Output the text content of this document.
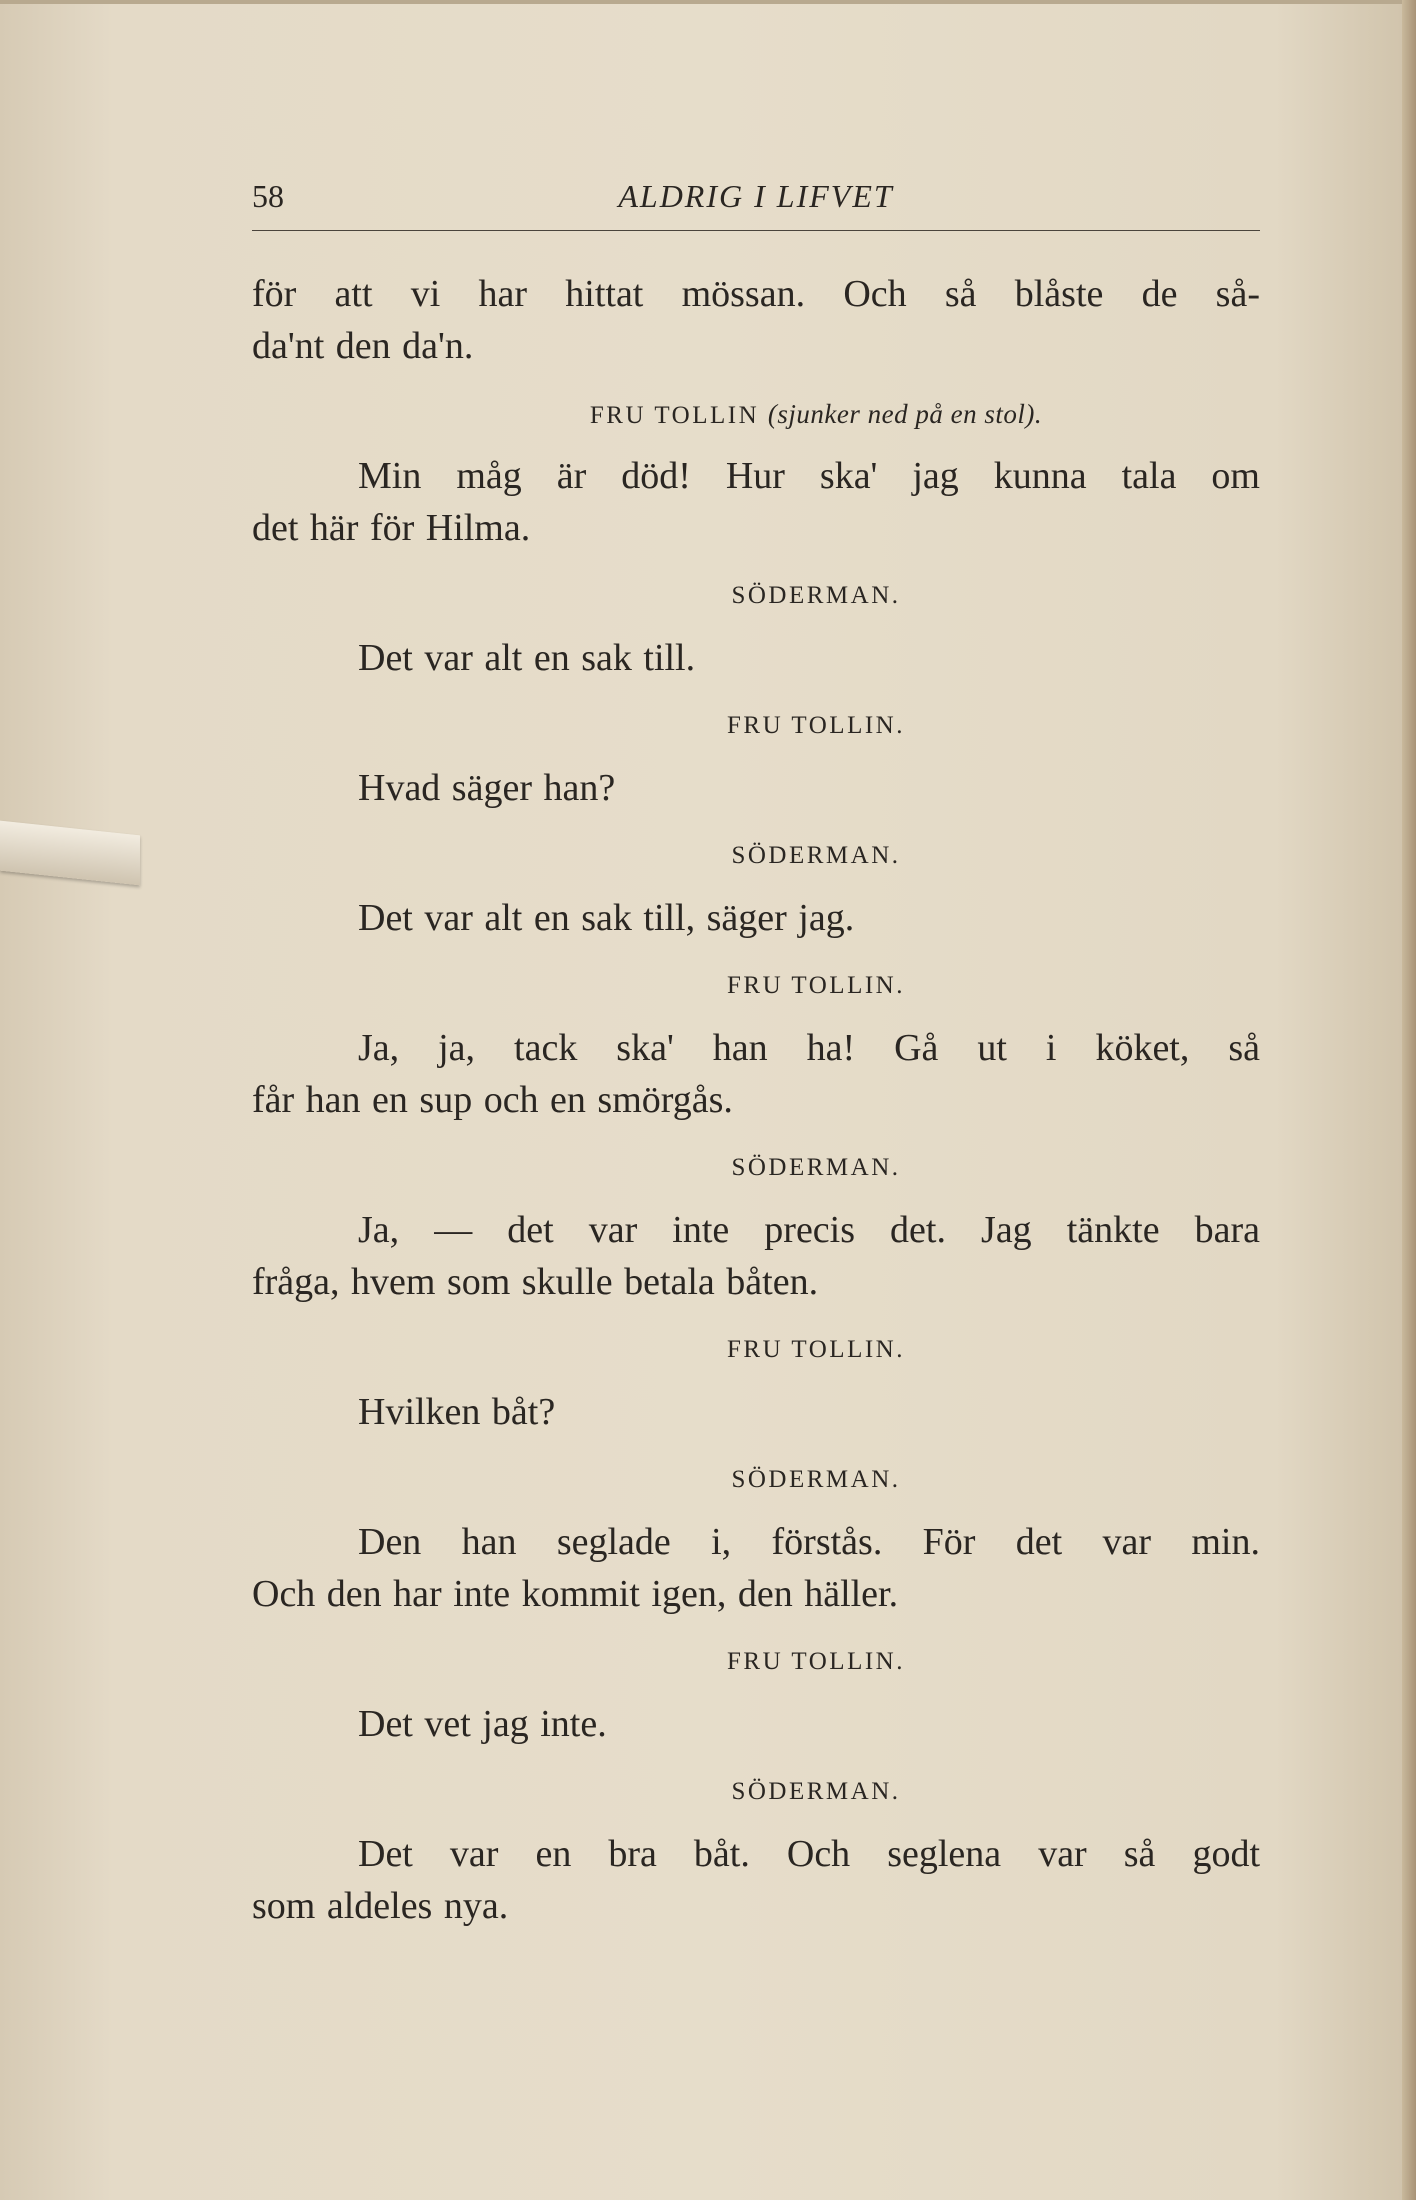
58	ALDRIG I LIFVET
för att vi har hittat mössan. Och så blåste de så-
da'nt den da'n.
FRU TOLLIN (sjunker ned på en stol).
Min måg är död! Hur ska' jag kunna tala om
det här för Hilma.
SÖDERMAN.
Det var alt en sak till.
FRU TOLLIN.
Hvad säger han?
SÖDERMAN.
Det var alt en sak till, säger jag.
FRU TOLLIN.
Ja, ja, tack ska' han ha! Gå ut i köket, så
får han en sup och en smörgås.
SÖDERMAN.
Ja, — det var inte precis det. Jag tänkte bara
fråga, hvem som skulle betala båten.
FRU TOLLIN.
Hvilken båt?
SÖDERMAN.
Den han seglade i, förstås. För det var min.
Och den har inte kommit igen, den häller.
FRU TOLLIN.
Det vet jag inte.
SÖDERMAN.
Det var en bra båt. Och seglena var så godt
som aldeles nya.
